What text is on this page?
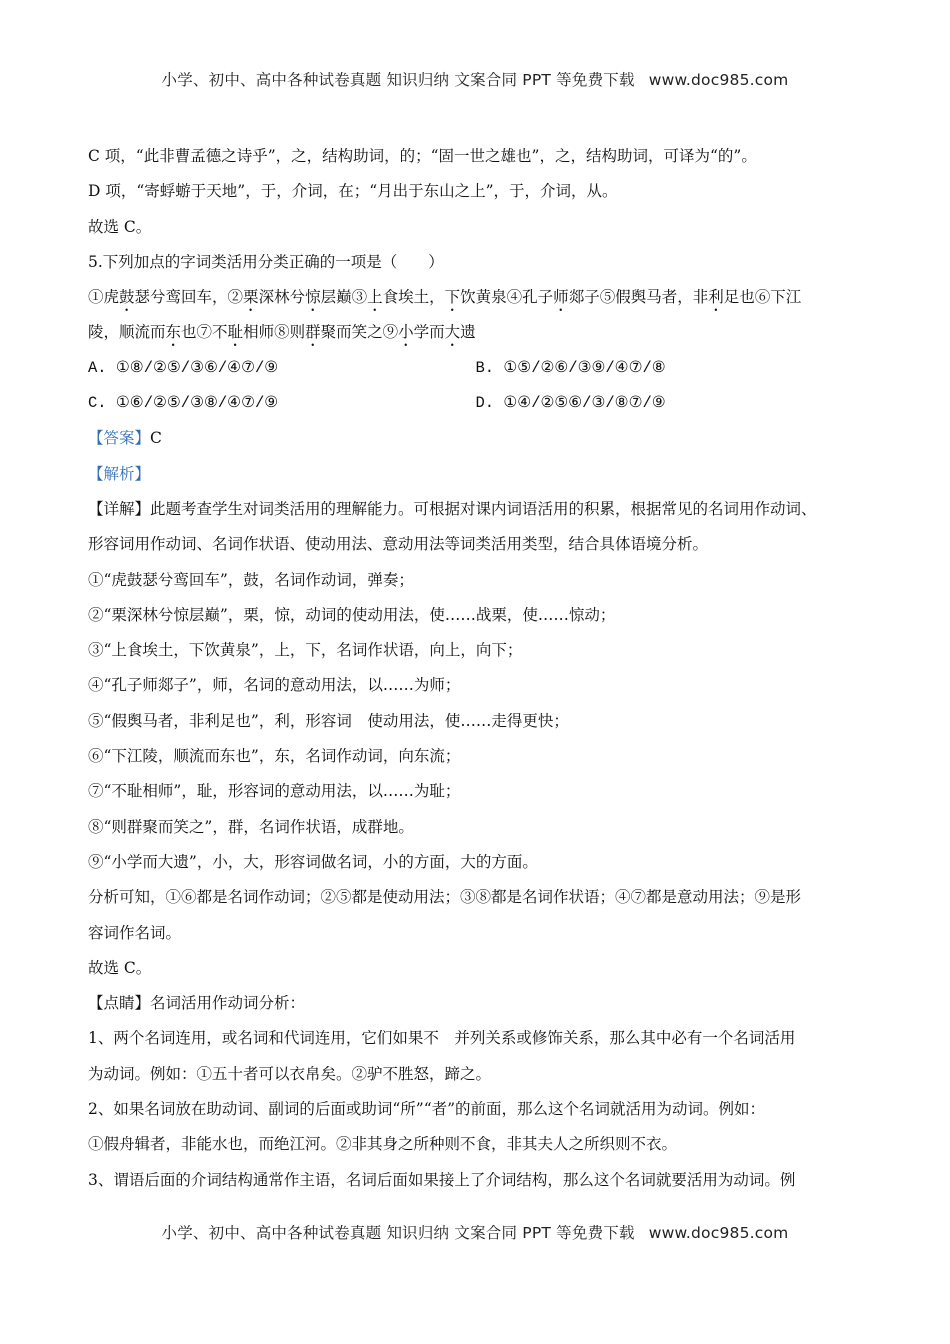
小学、初中、高中各种试卷真题 知识归纳 文案合同 PPT 等免费下载 www.doc985.com
C 项，“此非曹孟德之诗乎”，之，结构助词，的；“固一世之雄也”，之，结构助词，可译为“的”。
D 项，“寄蜉蝣于天地”，于，介词，在；“月出于东山之上”，于，介词，从。
故选 C。
5.下列加点的字词类活用分类正确的一项是（　　）
①虎鼓瑟兮鸾回车，②栗深林兮惊层巅③上食埃土，下饮黄泉④孔子师郯子⑤假舆马者，非利足也⑥下江
陵，顺流而东也⑦不耻相师⑧则群聚而笑之⑨小学而大遗
A. ①⑧/②⑤/③⑥/④⑦/⑨	B. ①⑤/②⑥/③⑨/④⑦/⑧
C. ①⑥/②⑤/③⑧/④⑦/⑨	D. ①④/②⑤⑥/③/⑧⑦/⑨
【答案】C
【解析】
【详解】此题考查学生对词类活用的理解能力。可根据对课内词语活用的积累，根据常见的名词用作动词、
形容词用作动词、名词作状语、使动用法、意动用法等词类活用类型，结合具体语境分析。
①“虎鼓瑟兮鸾回车”，鼓，名词作动词，弹奏；
②“栗深林兮惊层巅”，栗，惊，动词的使动用法，使……战栗，使……惊动；
③“上食埃土，下饮黄泉”，上，下，名词作状语，向上，向下；
④“孔子师郯子”，师，名词的意动用法，以……为师；
⑤“假舆马者，非利足也”，利，形容词　使动用法，使……走得更快；
⑥“下江陵，顺流而东也”，东，名词作动词，向东流；
⑦“不耻相师”，耻，形容词的意动用法，以……为耻；
⑧“则群聚而笑之”，群，名词作状语，成群地。
⑨“小学而大遗”，小，大，形容词做名词，小的方面，大的方面。
分析可知，①⑥都是名词作动词；②⑤都是使动用法；③⑧都是名词作状语；④⑦都是意动用法；⑨是形
容词作名词。
故选 C。
【点睛】名词活用作动词分析：
1、两个名词连用，或名词和代词连用，它们如果不　并列关系或修饰关系，那么其中必有一个名词活用
为动词。例如：①五十者可以衣帛矣。②驴不胜怒，蹄之。
2、如果名词放在助动词、副词的后面或助词“所”“者”的前面，那么这个名词就活用为动词。例如：
①假舟辑者，非能水也，而绝江河。②非其身之所种则不食，非其夫人之所织则不衣。
3、谓语后面的介词结构通常作主语，名词后面如果接上了介词结构，那么这个名词就要活用为动词。例
小学、初中、高中各种试卷真题 知识归纳 文案合同 PPT 等免费下载 www.doc985.com
